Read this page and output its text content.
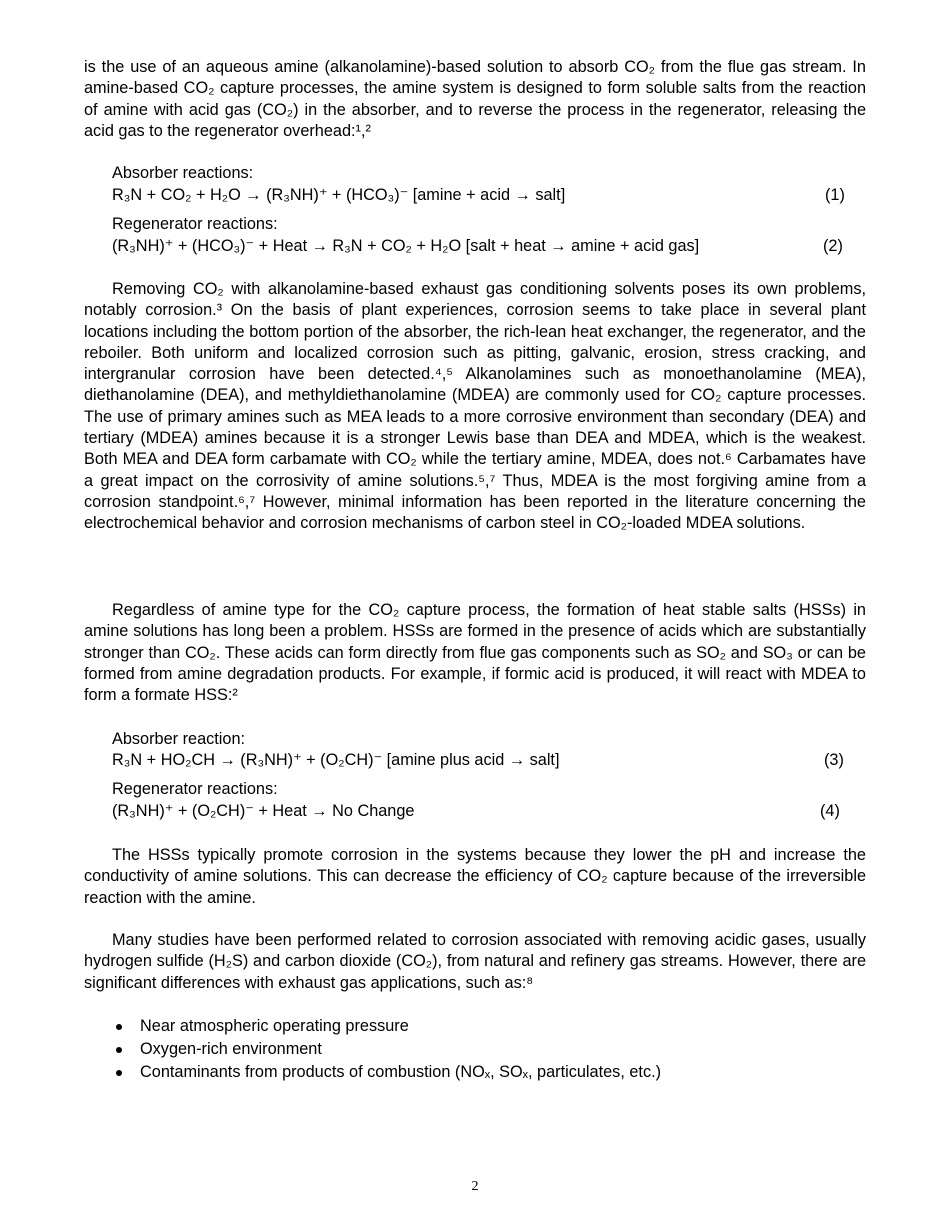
is the use of an aqueous amine (alkanolamine)-based solution to absorb CO₂ from the flue gas stream. In amine-based CO₂ capture processes, the amine system is designed to form soluble salts from the reaction of amine with acid gas (CO₂) in the absorber, and to reverse the process in the regenerator, releasing the acid gas to the regenerator overhead:¹,²

Absorber reactions:

R₃N + CO₂ + H₂O → (R₃NH)⁺ + (HCO₃)⁻ [amine + acid → salt]	(1)

Regenerator reactions:

(R₃NH)⁺ + (HCO₃)⁻ + Heat → R₃N + CO₂ + H₂O [salt + heat → amine + acid gas]	(2)

Removing CO₂ with alkanolamine-based exhaust gas conditioning solvents poses its own problems, notably corrosion.³ On the basis of plant experiences, corrosion seems to take place in several plant locations including the bottom portion of the absorber, the rich-lean heat exchanger, the regenerator, and the reboiler. Both uniform and localized corrosion such as pitting, galvanic, erosion, stress cracking, and intergranular corrosion have been detected.⁴,⁵ Alkanolamines such as monoethanolamine (MEA), diethanolamine (DEA), and methyldiethanolamine (MDEA) are commonly used for CO₂ capture processes. The use of primary amines such as MEA leads to a more corrosive environment than secondary (DEA) and tertiary (MDEA) amines because it is a stronger Lewis base than DEA and MDEA, which is the weakest. Both MEA and DEA form carbamate with CO₂ while the tertiary amine, MDEA, does not.⁶ Carbamates have a great impact on the corrosivity of amine solutions.⁵,⁷ Thus, MDEA is the most forgiving amine from a corrosion standpoint.⁶,⁷ However, minimal information has been reported in the literature concerning the electrochemical behavior and corrosion mechanisms of carbon steel in CO₂-loaded MDEA solutions.

Regardless of amine type for the CO₂ capture process, the formation of heat stable salts (HSSs) in amine solutions has long been a problem. HSSs are formed in the presence of acids which are substantially stronger than CO₂. These acids can form directly from flue gas components such as SO₂ and SO₃ or can be formed from amine degradation products. For example, if formic acid is produced, it will react with MDEA to form a formate HSS:²

Absorber reaction:

R₃N + HO₂CH → (R₃NH)⁺ + (O₂CH)⁻ [amine plus acid → salt]	(3)

Regenerator reactions:

(R₃NH)⁺ + (O₂CH)⁻ + Heat → No Change	(4)

The HSSs typically promote corrosion in the systems because they lower the pH and increase the conductivity of amine solutions. This can decrease the efficiency of CO₂ capture because of the irreversible reaction with the amine.

Many studies have been performed related to corrosion associated with removing acidic gases, usually hydrogen sulfide (H₂S) and carbon dioxide (CO₂), from natural and refinery gas streams. However, there are significant differences with exhaust gas applications, such as:⁸

Near atmospheric operating pressure
Oxygen-rich environment
Contaminants from products of combustion (NOₓ, SOₓ, particulates, etc.)
2
